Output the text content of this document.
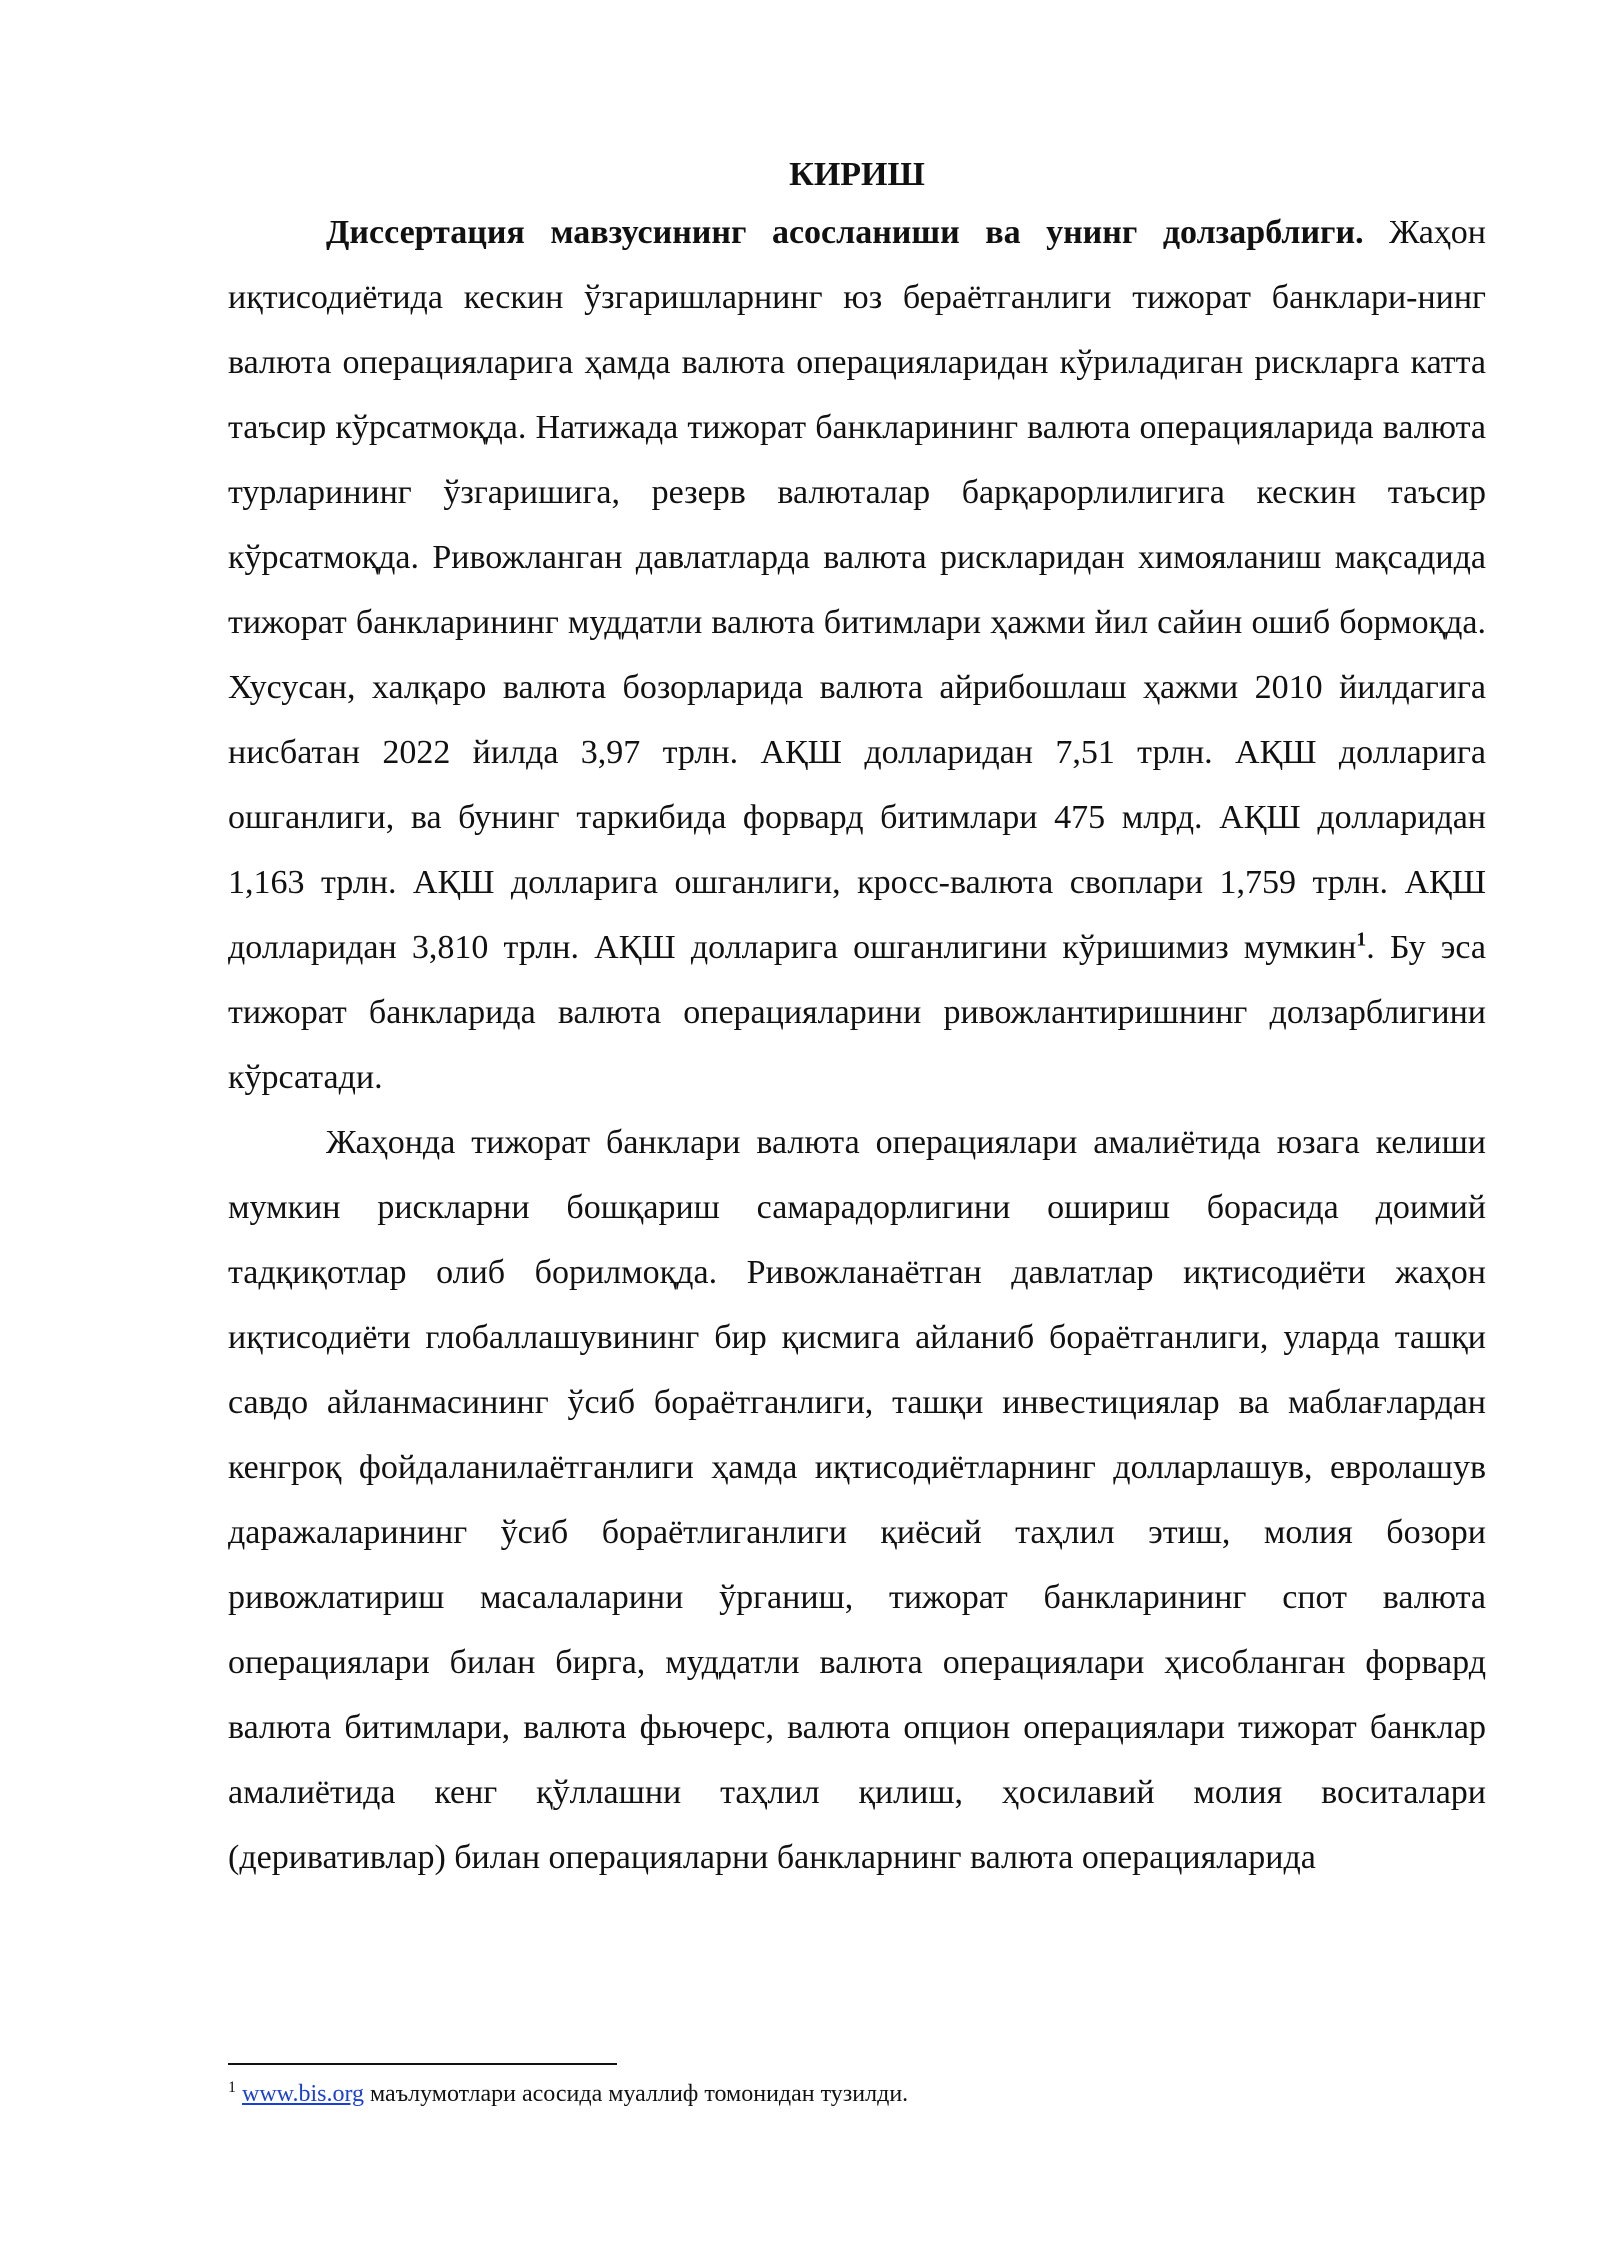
КИРИШ

Диссертация мавзусининг асосланиши ва унинг долзарблиги. Жаҳон иқтисодиётида кескин ўзгаришларнинг юз бераётганлиги тижорат банклари-нинг валюта операцияларига ҳамда валюта операцияларидан кўриладиган рискларга катта таъсир кўрсатмоқда. Натижада тижорат банкларининг валюта операцияларида валюта турларининг ўзгаришига, резерв валюталар барқарорлилигига кескин таъсир кўрсатмоқда. Ривожланган давлатларда валюта рискларидан химояланиш мақсадида тижорат банкларининг муддатли валюта битимлари ҳажми йил сайин ошиб бормоқда. Хусусан, халқаро валюта бозорларида валюта айрибошлаш ҳажми 2010 йилдагига нисбатан 2022 йилда 3,97 трлн. АҚШ долларидан 7,51 трлн. АҚШ долларига ошганлиги, ва бунинг таркибида форвард битимлари 475 млрд. АҚШ долларидан 1,163 трлн. АҚШ долларига ошганлиги, кросс-валюта своплари 1,759 трлн. АҚШ долларидан 3,810 трлн. АҚШ долларига ошганлигини кўришимиз мумкин$^1$. Бу эса тижорат банкларида валюта операцияларини ривожлантиришнинг долзарблигини кўрсатади.

Жаҳонда тижорат банклари валюта операциялари амалиётида юзага келиши мумкин рискларни бошқариш самарадорлигини ошириш борасида доимий тадқиқотлар олиб борилмоқда. Ривожланаётган давлатлар иқтисодиёти жаҳон иқтисодиёти глобаллашувининг бир қисмига айланиб бораётганлиги, уларда ташқи савдо айланмасининг ўсиб бораётганлиги, ташқи инвестициялар ва маблағлардан кенгроқ фойдаланилаётганлиги ҳамда иқтисодиётларнинг долларлашув, евролашув даражаларининг ўсиб бораётлиганлиги қиёсий таҳлил этиш, молия бозори ривожлатириш масалаларини ўрганиш, тижорат банкларининг спот валюта операциялари билан бирга, муддатли валюта операциялари ҳисобланган форвард валюта битимлари, валюта фьючерс, валюта опцион операциялари тижорат банклар амалиётида кенг қўллашни таҳлил қилиш, ҳосилавий молия воситалари (деривативлар) билан операцияларни банкларнинг валюта операцияларида

$^1$ www.bis.org маълумотлари асосида муаллиф томонидан тузилди.
